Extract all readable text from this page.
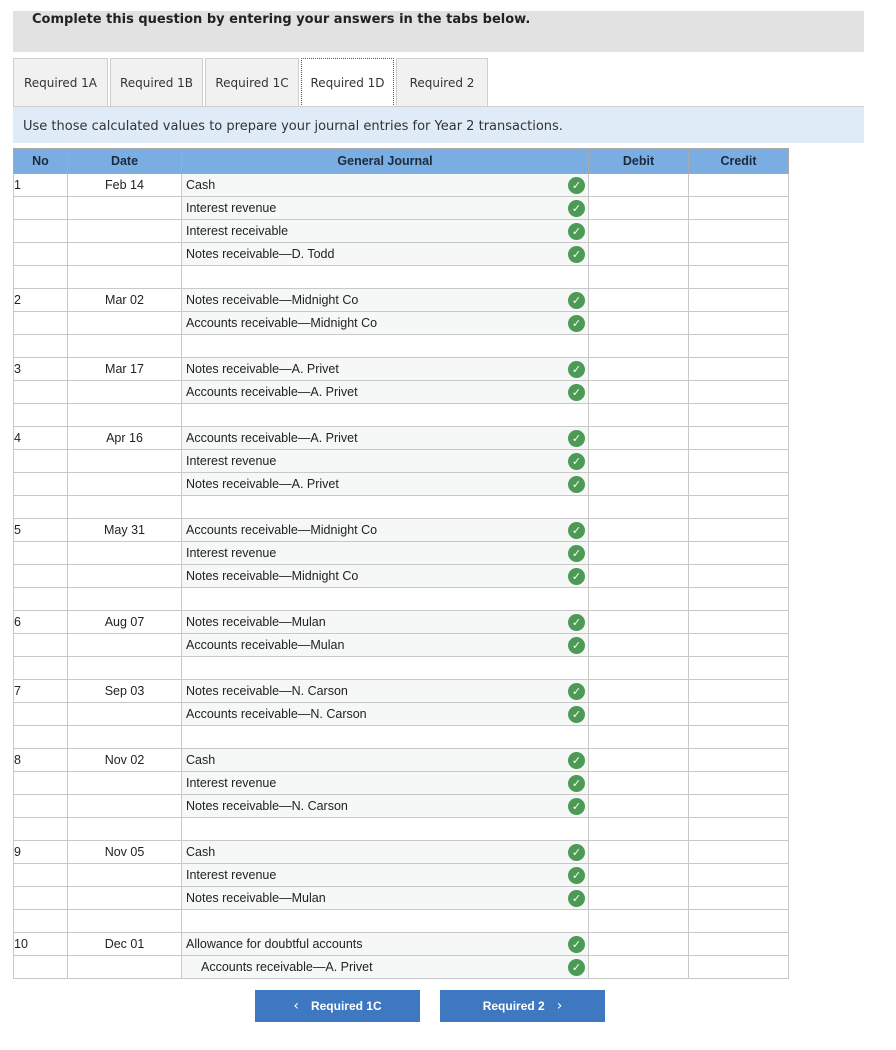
Complete this question by entering your answers in the tabs below.
Required 1A	Required 1B	Required 1C	Required 1D	Required 2
Use those calculated values to prepare your journal entries for Year 2 transactions.
No	Date	General Journal	Debit	Credit
1	Feb 14	Cash ✓		

		Interest revenue ✓		

		Interest receivable ✓		

		Notes receivable—D. Todd ✓		

2	Mar 02	Notes receivable—Midnight Co ✓		

		Accounts receivable—Midnight Co ✓		

3	Mar 17	Notes receivable—A. Privet ✓		

		Accounts receivable—A. Privet ✓		

4	Apr 16	Accounts receivable—A. Privet ✓		

		Interest revenue ✓		

		Notes receivable—A. Privet ✓		

5	May 31	Accounts receivable—Midnight Co ✓		

		Interest revenue ✓		

		Notes receivable—Midnight Co ✓		

6	Aug 07	Notes receivable—Mulan ✓		

		Accounts receivable—Mulan ✓		

7	Sep 03	Notes receivable—N. Carson ✓		

		Accounts receivable—N. Carson ✓		

8	Nov 02	Cash ✓		

		Interest revenue ✓		

		Notes receivable—N. Carson ✓		

9	Nov 05	Cash ✓		

		Interest revenue ✓		

		Notes receivable—Mulan ✓		

10	Dec 01	Allowance for doubtful accounts ✓		

		Accounts receivable—A. Privet ✓		

‹ Required 1C	Required 2 ›
